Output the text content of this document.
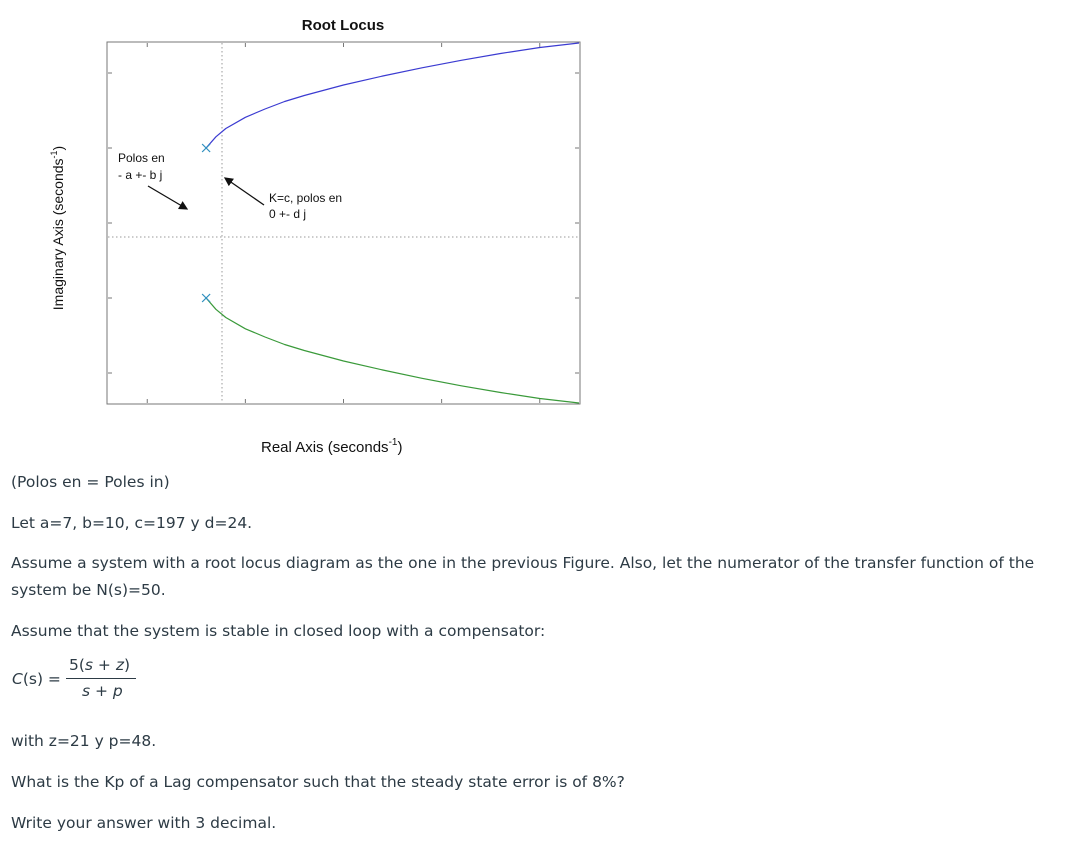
Root Locus
Polos en - a +- b j
K=c, polos en 0 +- d j
Real Axis (seconds$^{-1}$)
Imaginary Axis (seconds$^{-1}$)

(Polos en = Poles in)

Let a=7, b=10, c=197 y d=24.

Assume a system with a root locus diagram as the one in the previous Figure. Also, let the numerator of the transfer function of the system be N(s)=50.

Assume that the system is stable in closed loop with a compensator:

C(s) =
5(s + z)
s + p

with z=21 y p=48.

What is the Kp of a Lag compensator such that the steady state error is of 8%?

Write your answer with 3 decimal.
